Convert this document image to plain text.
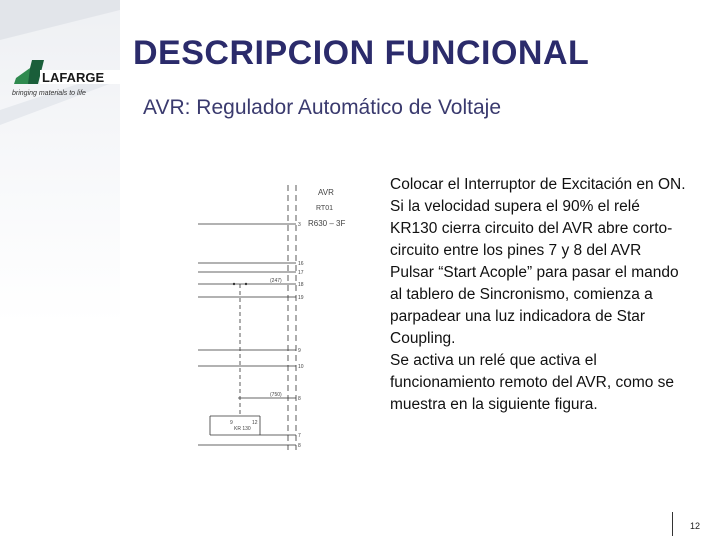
LAFARGE
bringing materials to life
DESCRIPCION FUNCIONAL
AVR: Regulador Automático de Voltaje
AVR
RT01
R630 – 3F
(750)
(247)
9	12
KR 130
3
16
17
18
19
9
10
8
7
8

Colocar el Interruptor de Excitación en ON.

Si la velocidad supera el 90% el relé KR130 cierra circuito del AVR abre corto-circuito entre los pines 7 y 8 del AVR

Pulsar “Start Acople” para pasar el mando al tablero de Sincronismo, comienza a parpadear una luz indicadora de Star Coupling.

Se activa un relé que activa el funcionamiento remoto del AVR, como se muestra en la siguiente figura.

12
